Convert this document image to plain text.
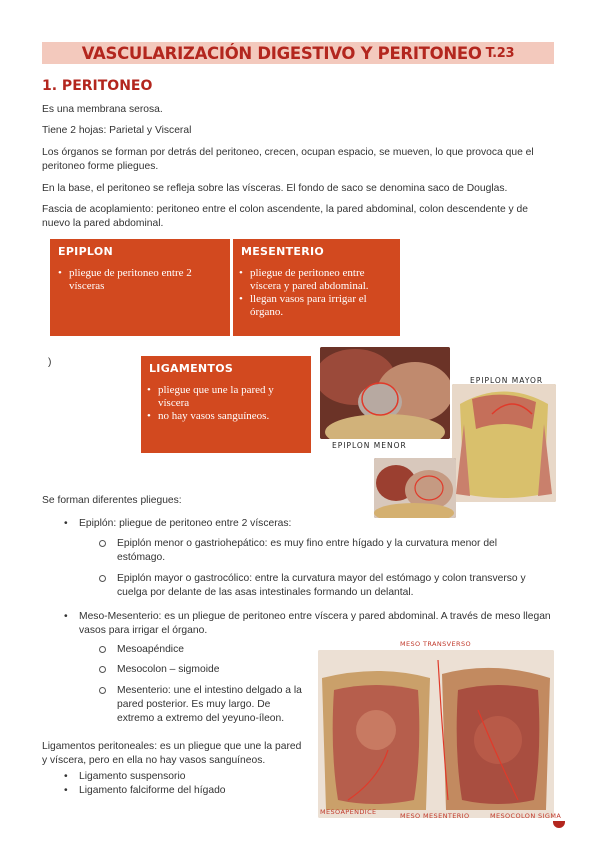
VASCULARIZACIÓN DIGESTIVO Y PERITONEO T.23
1. PERITONEO
Es una membrana serosa.
Tiene 2 hojas: Parietal y Visceral
Los órganos se forman por detrás del peritoneo, crecen, ocupan espacio, se mueven, lo que provoca que el peritoneo forme pliegues.
En la base, el peritoneo se refleja sobre las vísceras. El fondo de saco se denomina saco de Douglas.
Fascia de acoplamiento: peritoneo entre el colon ascendente, la pared abdominal, colon descendente y de nuevo la pared abdominal.
EPIPLON
• pliegue de peritoneo entre 2 vísceras
MESENTERIO
• pliegue de peritoneo entre víscera y pared abdominal.
• llegan vasos para irrigar el órgano.
)	LIGAMENTOS
• pliegue que une la pared y víscera
• no hay vasos sanguíneos.
EPIPLON MENOR
EPIPLON MAYOR
Se forman diferentes pliegues:
• Epiplón: pliegue de peritoneo entre 2 vísceras:
Epiplón menor o gastriohepático: es muy fino entre hígado y la curvatura menor del estómago.
Epiplón mayor o gastrocólico: entre la curvatura mayor del estómago y colon transverso y cuelga por delante de las asas intestinales formando un delantal.
• Meso-Mesenterio: es un pliegue de peritoneo entre víscera y pared abdominal. A través de meso llegan vasos para irrigar el órgano.
Mesoapéndice
Mesocolon – sigmoide
Mesenterio: une el intestino delgado a la pared posterior. Es muy largo. De extremo a extremo del yeyuno-íleon.
MESO TRANSVERSO
MESOAPENDICE	MESO MESENTERIO	MESOCOLON SIGMA
Ligamentos peritoneales: es un pliegue que une la pared y víscera, pero en ella no hay vasos sanguíneos.
• Ligamento suspensorio
• Ligamento falciforme del hígado
